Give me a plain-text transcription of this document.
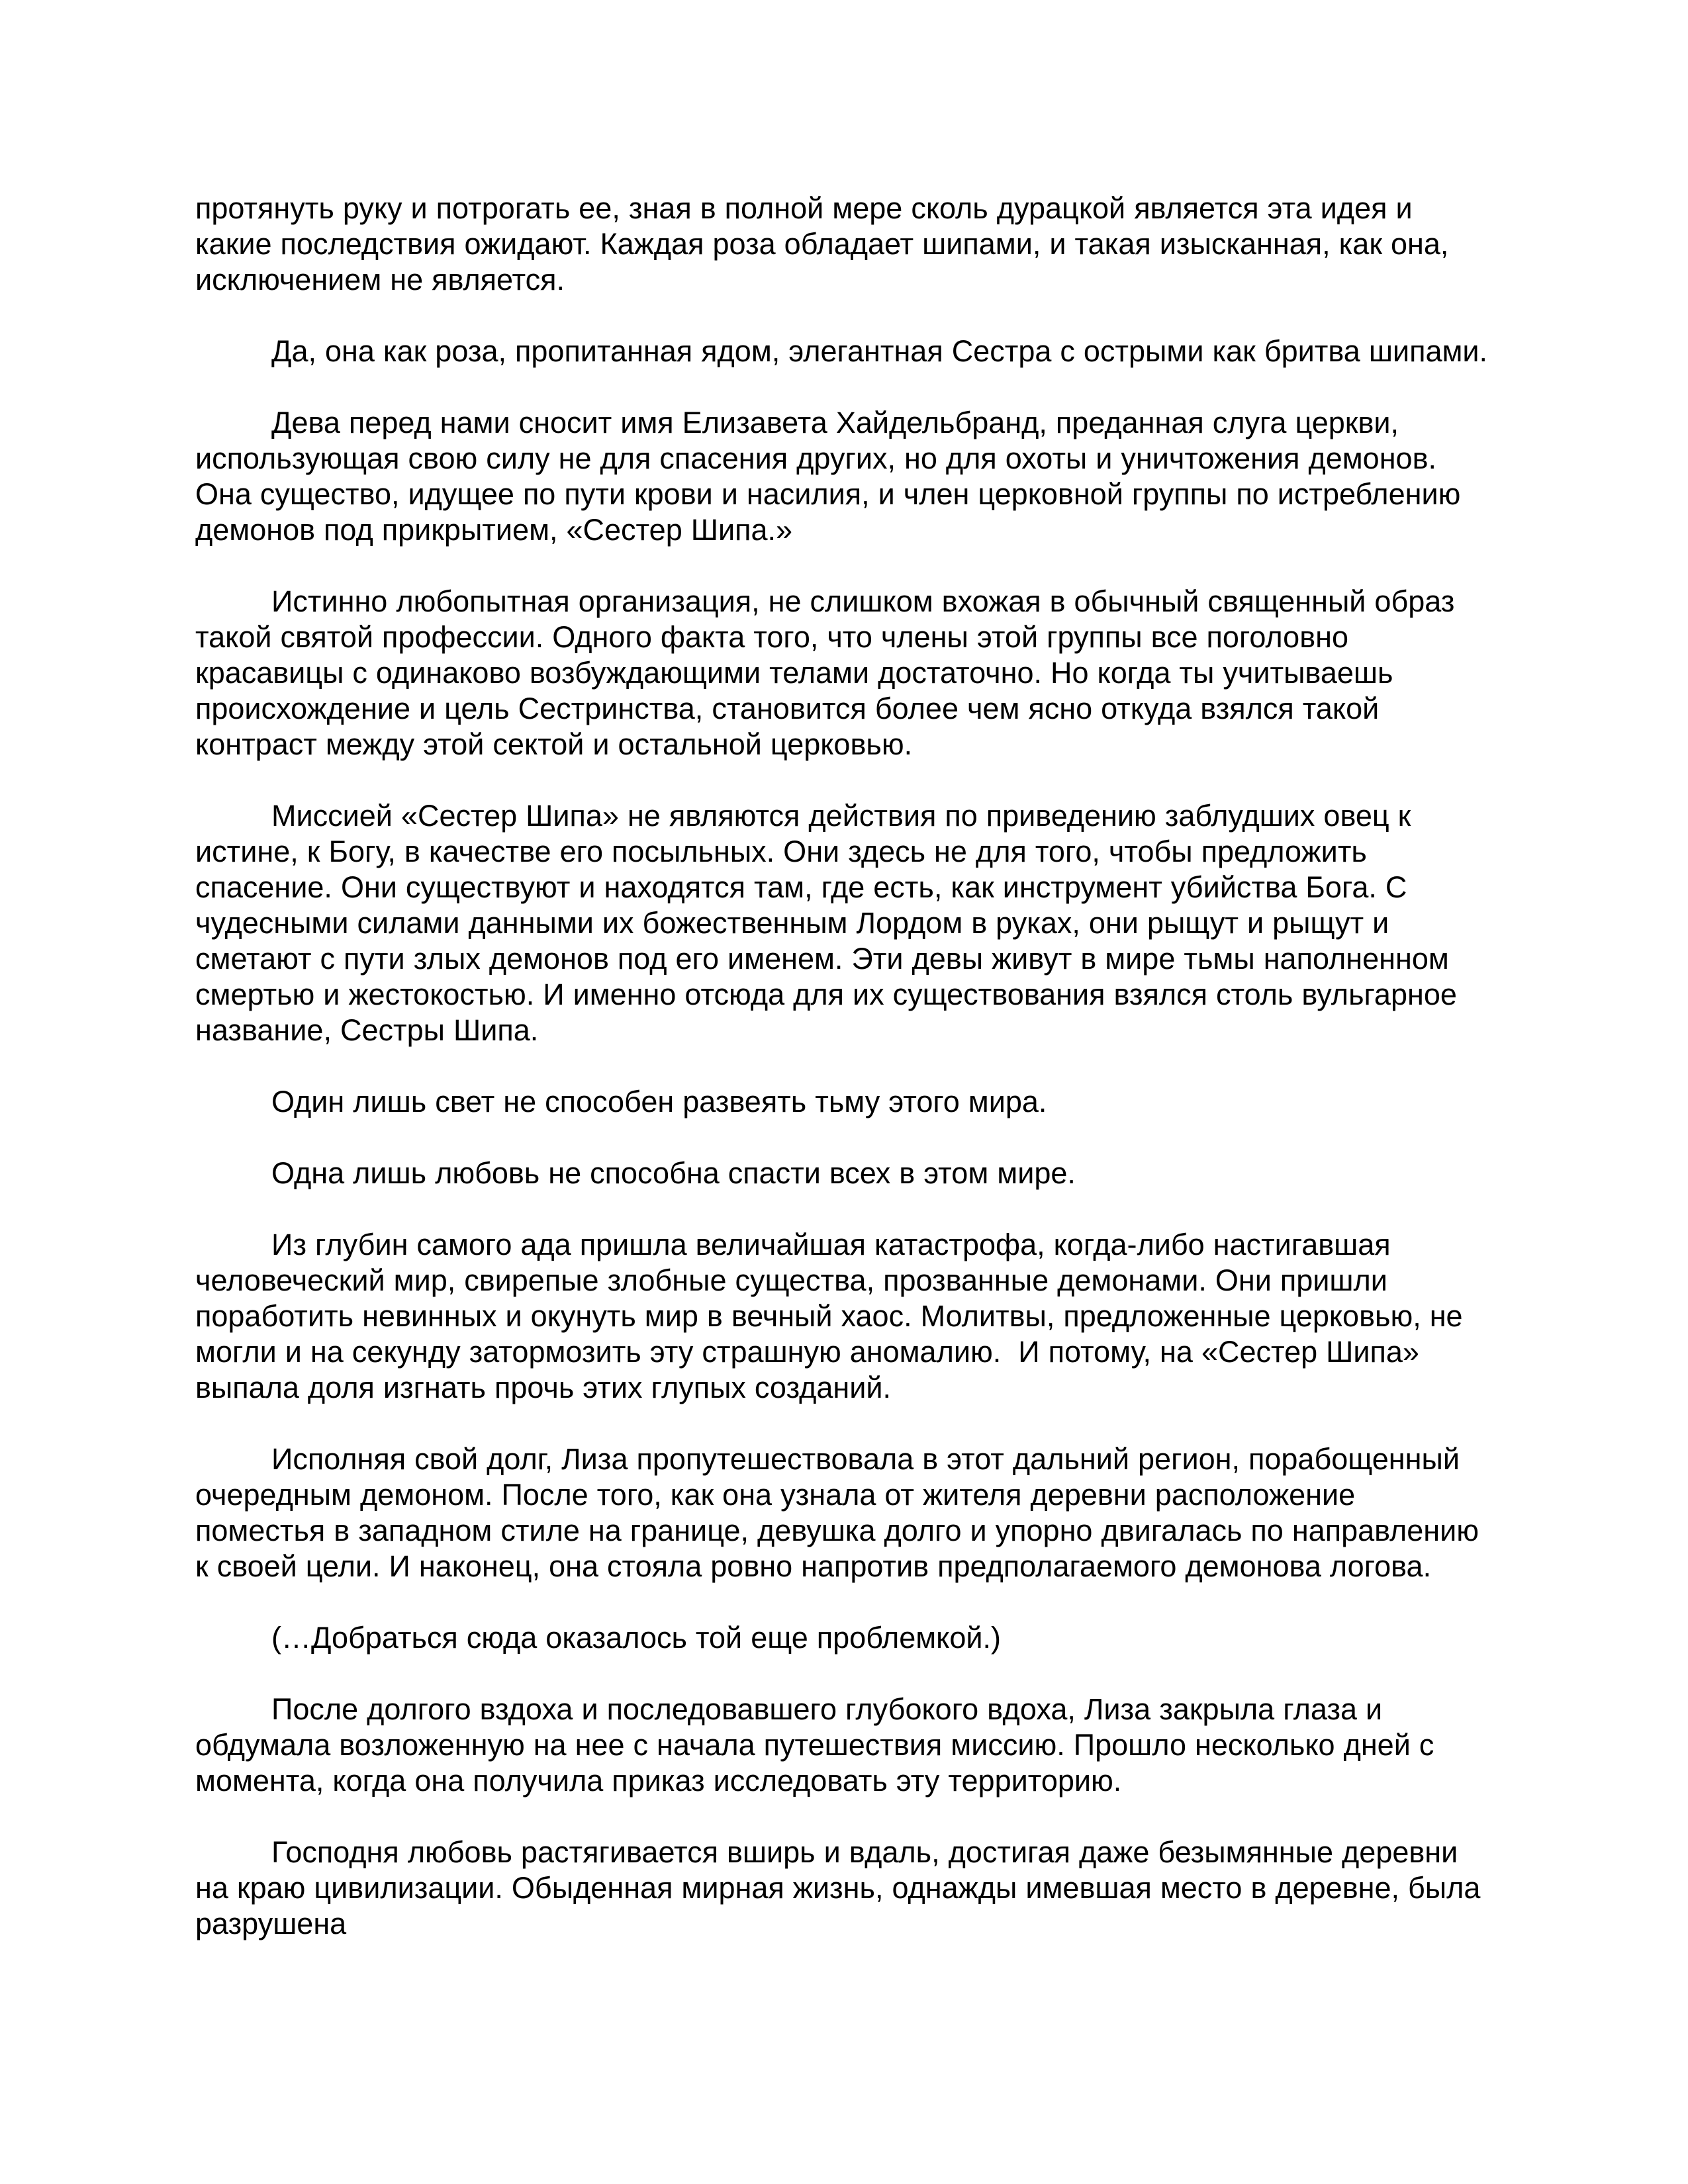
протянуть руку и потрогать ее, зная в полной мере сколь дурацкой является эта идея и какие последствия ожидают. Каждая роза обладает шипами, и такая изысканная, как она, исключением не является.

Да, она как роза, пропитанная ядом, элегантная Сестра с острыми как бритва шипами.

Дева перед нами сносит имя Елизавета Хайдельбранд, преданная слуга церкви, использующая свою силу не для спасения других, но для охоты и уничтожения демонов. Она существо, идущее по пути крови и насилия, и член церковной группы по истреблению демонов под прикрытием, «Сестер Шипа.»

Истинно любопытная организация, не слишком вхожая в обычный священный образ такой святой профессии. Одного факта того, что члены этой группы все поголовно красавицы с одинаково возбуждающими телами достаточно. Но когда ты учитываешь происхождение и цель Сестринства, становится более чем ясно откуда взялся такой контраст между этой сектой и остальной церковью.

Миссией «Сестер Шипа» не являются действия по приведению заблудших овец к истине, к Богу, в качестве его посыльных. Они здесь не для того, чтобы предложить спасение. Они существуют и находятся там, где есть, как инструмент убийства Бога. С чудесными силами данными их божественным Лордом в руках, они рыщут и рыщут и сметают с пути злых демонов под его именем. Эти девы живут в мире тьмы наполненном смертью и жестокостью. И именно отсюда для их существования взялся столь вульгарное название, Сестры Шипа.

Один лишь свет не способен развеять тьму этого мира.

Одна лишь любовь не способна спасти всех в этом мире.

Из глубин самого ада пришла величайшая катастрофа, когда-либо настигавшая человеческий мир, свирепые злобные существа, прозванные демонами. Они пришли поработить невинных и окунуть мир в вечный хаос. Молитвы, предложенные церковью, не могли и на секунду затормозить эту страшную аномалию.  И потому, на «Сестер Шипа» выпала доля изгнать прочь этих глупых созданий.

Исполняя свой долг, Лиза пропутешествовала в этот дальний регион, порабощенный очередным демоном. После того, как она узнала от жителя деревни расположение поместья в западном стиле на границе, девушка долго и упорно двигалась по направлению к своей цели. И наконец, она стояла ровно напротив предполагаемого демонова логова.

(…Добраться сюда оказалось той еще проблемкой.)

После долгого вздоха и последовавшего глубокого вдоха, Лиза закрыла глаза и обдумала возложенную на нее с начала путешествия миссию. Прошло несколько дней с момента, когда она получила приказ исследовать эту территорию.

Господня любовь растягивается вширь и вдаль, достигая даже безымянные деревни на краю цивилизации. Обыденная мирная жизнь, однажды имевшая место в деревне, была разрушена
